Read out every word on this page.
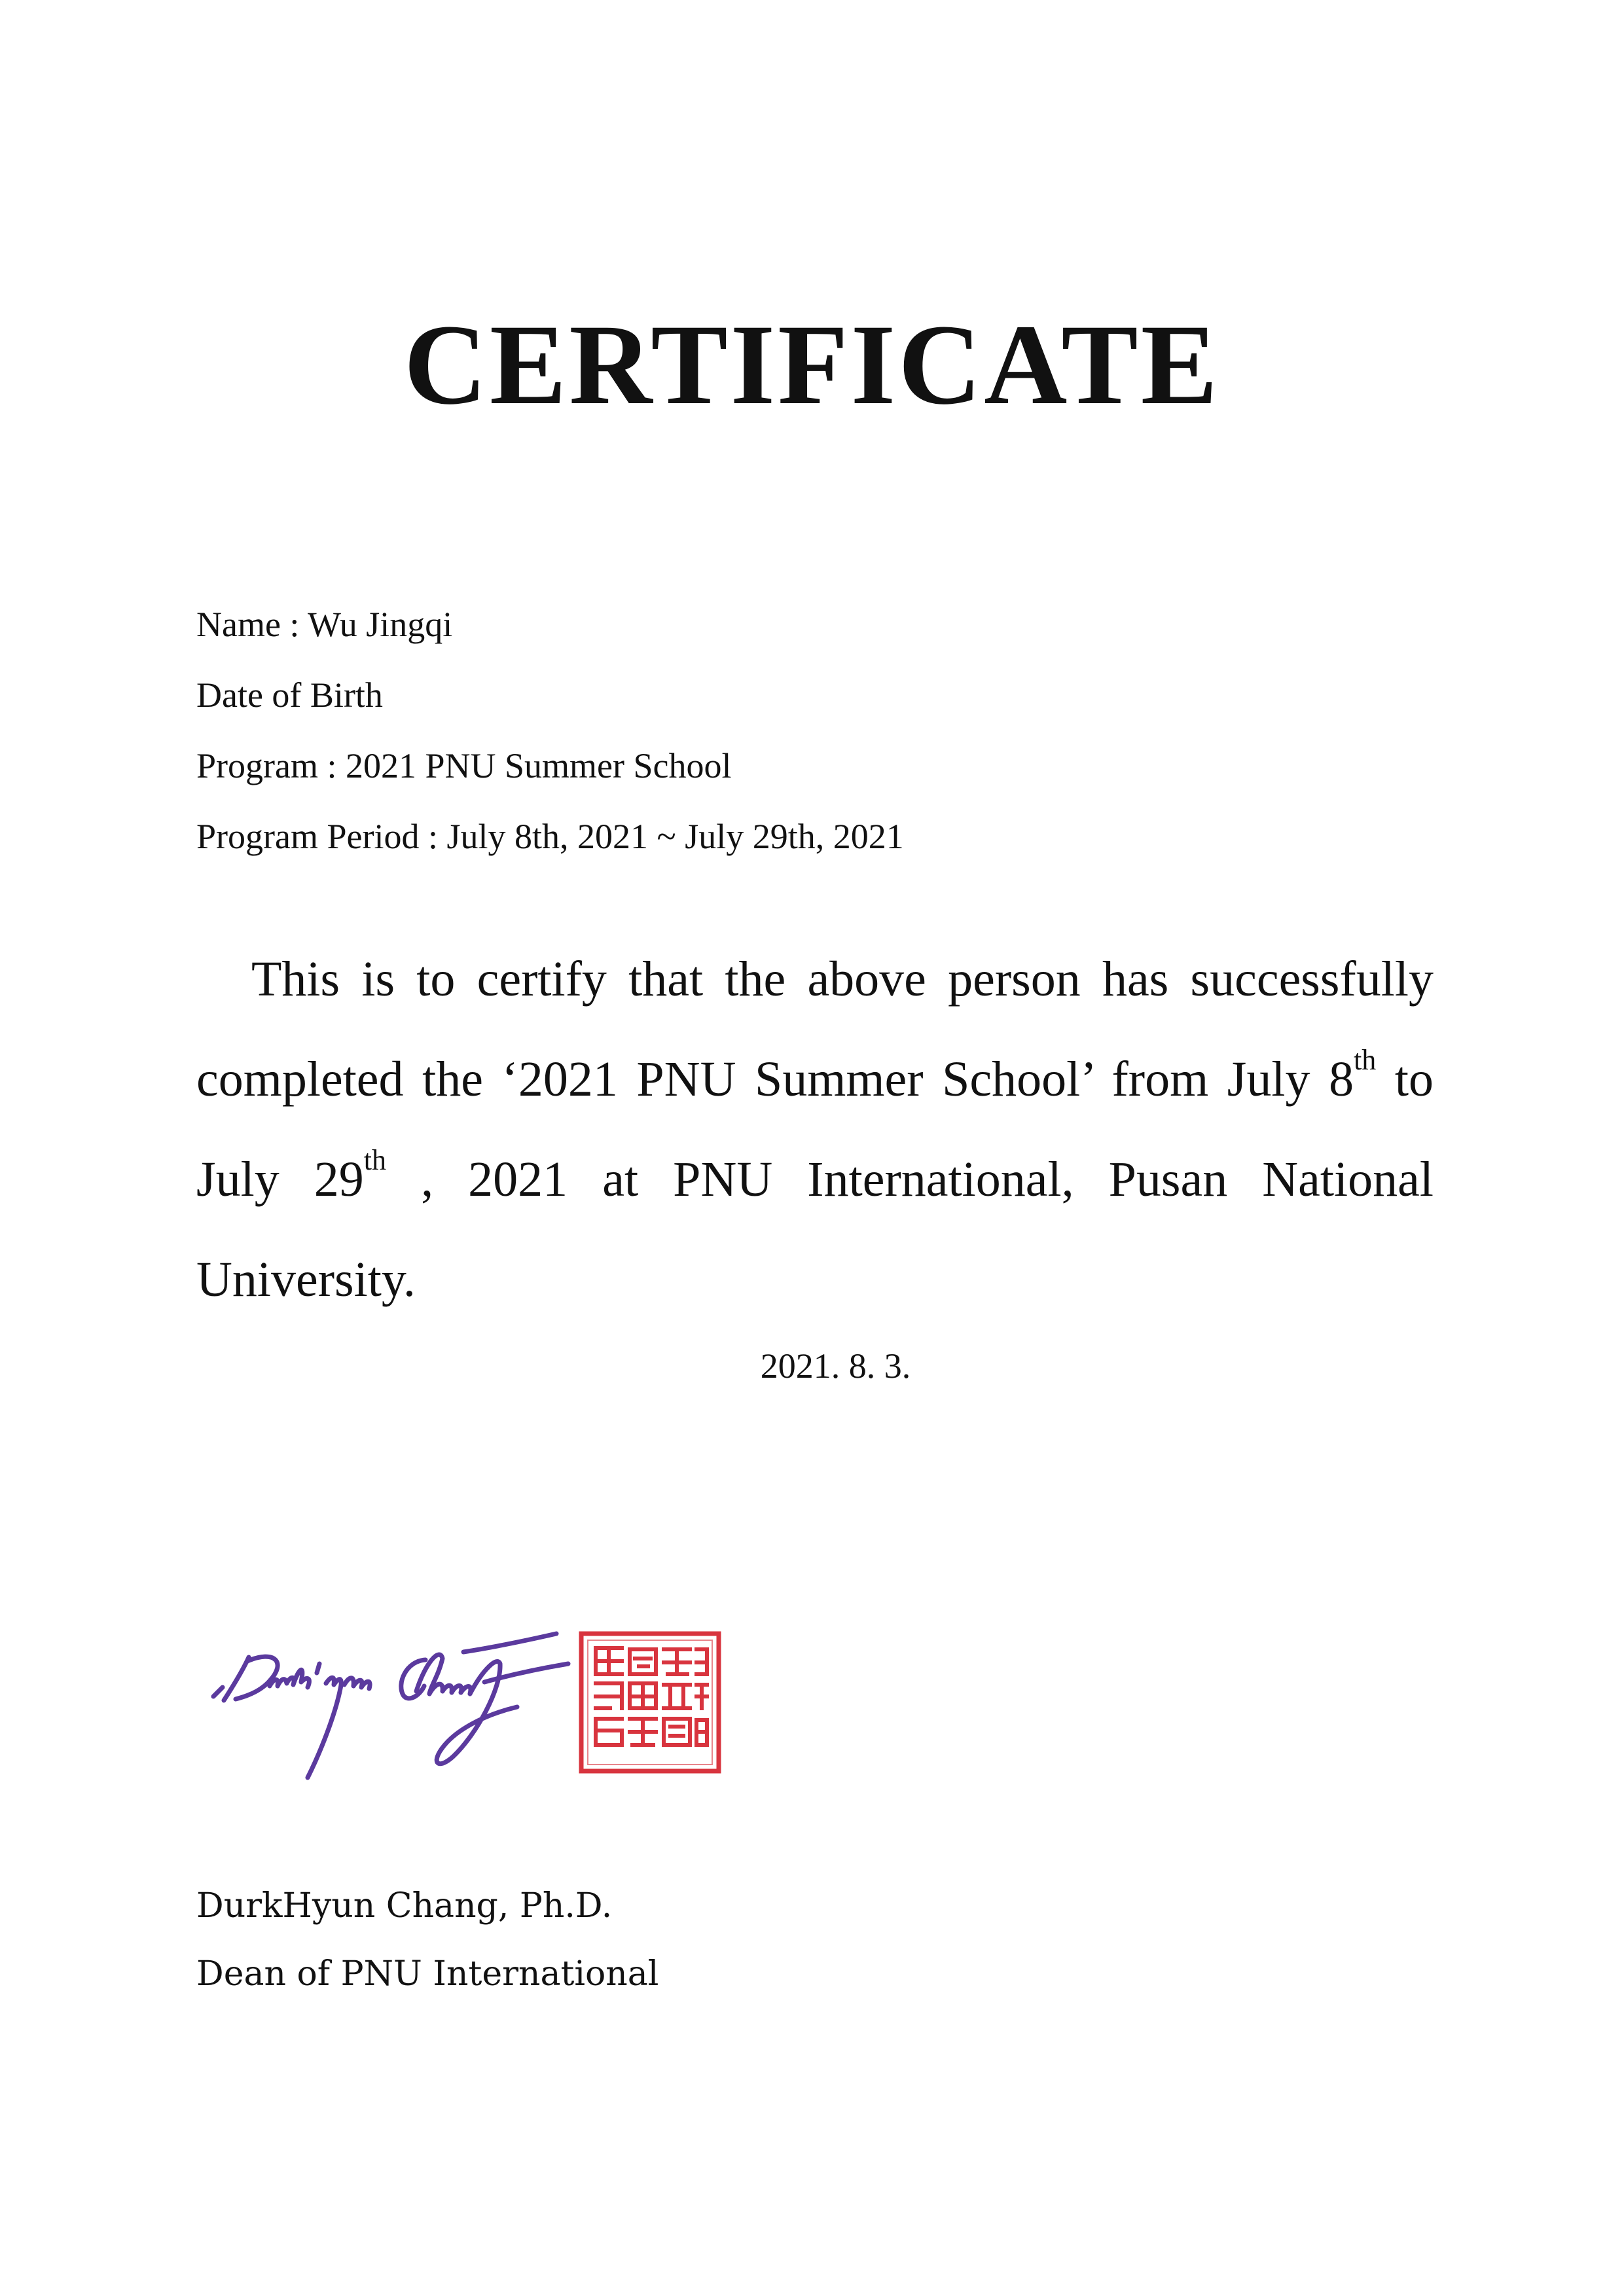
CERTIFICATE
Name : Wu Jingqi
Date of Birth
Program : 2021 PNU Summer School
Program Period : July 8th, 2021 ~ July 29th, 2021

This is to certify that the above person has successfully completed the ‘2021 PNU Summer School’ from July 8th to July 29th , 2021 at PNU International, Pusan National University.

2021. 8. 3.
DurkHyun Chang, Ph.D.
Dean of PNU International
